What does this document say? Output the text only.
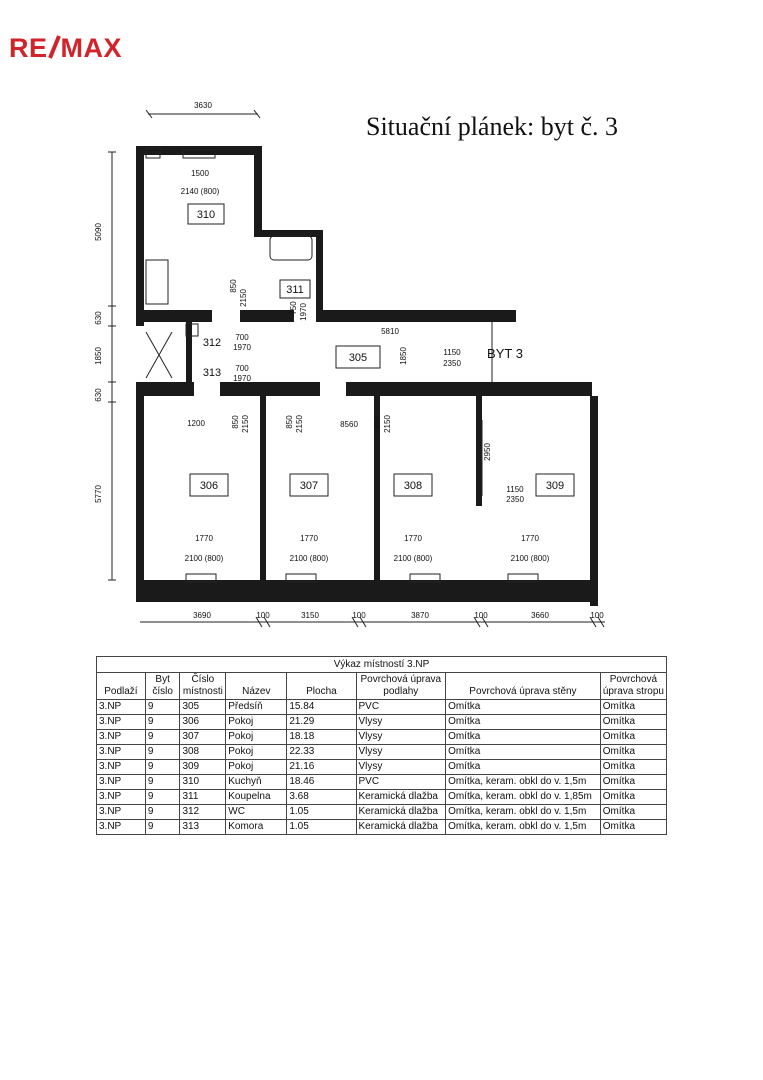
RE MAX
Situační plánek: byt č. 3
310
311
312
313
305
306	307	308	309
BYT 3
3630
5090
630
1850
630
5770
1500
2140 (800)
850
2150
750 1970
700
1970
700
1970
5810
1850	1150
2350
1200	850 2150	850 2150	8560 850 2150
2950
1150
2350
1770
2100 (800)
1770
2100 (800)
1770
2100 (800)
1770
2100 (800)
3690	100	3150	100	3870	100	3660	100
Výkaz místností 3.NP
Podlaží	Byt číslo	Číslo místnosti	Název	Plocha	Povrchová úprava podlahy	Povrchová úprava stěny	Povrchová úprava stropu
3.NP	9	305	Předsíň	15.84	PVC	Omítka	Omítka
3.NP	9	306	Pokoj	21.29	Vlysy	Omítka	Omítka
3.NP	9	307	Pokoj	18.18	Vlysy	Omítka	Omítka
3.NP	9	308	Pokoj	22.33	Vlysy	Omítka	Omítka
3.NP	9	309	Pokoj	21.16	Vlysy	Omítka	Omítka
3.NP	9	310	Kuchyň	18.46	PVC	Omítka, keram. obkl do v. 1,5m	Omítka
3.NP	9	311	Koupelna	3.68	Keramická dlažba	Omítka, keram. obkl do v. 1,85m	Omítka
3.NP	9	312	WC	1.05	Keramická dlažba	Omítka, keram. obkl do v. 1,5m	Omítka
3.NP	9	313	Komora	1.05	Keramická dlažba	Omítka, keram. obkl do v. 1,5m	Omítka
